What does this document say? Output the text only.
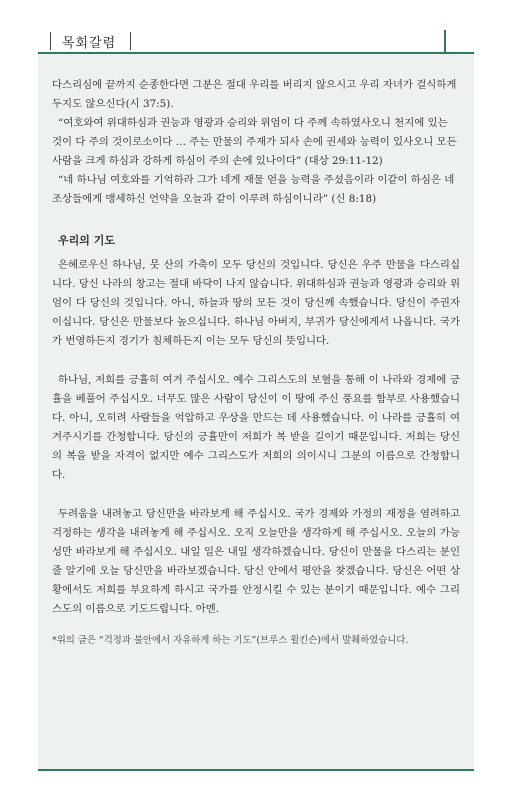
목회갈렴

다스리심에 끝까지 순종한다면 그분은 절대 우리를 버리지 않으시고 우리 자녀가 걸식하게 두지도 않으신다(시 37:5).

“여호와여 위대하심과 권능과 영광과 승리와 위엄이 다 주께 속하였사오니 천지에 있는 것이 다 주의 것이로소이다 … 주는 만물의 주재가 되사 손에 권세와 능력이 있사오니 모든 사람을 크게 하심과 강하게 하심이 주의 손에 있나이다” (대상 29:11-12)

“네 하나님 여호와를 기억하라 그가 네게 재물 얻을 능력을 주셨음이라 이같이 하심은 네 조상들에게 맹세하신 언약을 오늘과 같이 이루려 하심이니라” (신 8:18)

우리의 기도

은혜로우신 하나님, 뭇 산의 가축이 모두 당신의 것입니다. 당신은 우주 만물을 다스리십니다. 당신 나라의 창고는 절대 바닥이 나지 않습니다. 위대하심과 권능과 영광과 승리와 위엄이 다 당신의 것입니다. 아니, 하늘과 땅의 모든 것이 당신께 속했습니다. 당신이 주권자이십니다. 당신은 만물보다 높으십니다. 하나님 아버지, 부귀가 당신에게서 나옵니다. 국가가 번영하든지 경기가 침체하든지 이는 모두 당신의 뜻입니다.

하나님, 저희를 긍휼히 여겨 주십시오. 예수 그리스도의 보혈을 통해 이 나라와 경제에 긍휼을 베풀어 주십시오. 너무도 많은 사람이 당신이 이 땅에 주신 풍요를 함부로 사용했습니다. 아니, 오히려 사람들을 억압하고 우상을 만드는 데 사용했습니다. 이 나라를 긍휼히 여겨주시기를 간청합니다. 당신의 긍휼만이 저희가 복 받을 길이기 때문입니다. 저희는 당신의 복을 받을 자격이 없지만 예수 그리스도가 저희의 의이시니 그분의 이름으로 간청합니다.

두려움을 내려놓고 당신만을 바라보게 해 주십시오. 국가 경제와 가정의 재정을 염려하고 걱정하는 생각을 내려놓게 해 주십시오. 오직 오늘만을 생각하게 해 주십시오. 오늘의 가능성만 바라보게 해 주십시오. 내일 일은 내일 생각하겠습니다. 당신이 만물을 다스리는 분인 줄 알기에 오늘 당신만을 바라보겠습니다. 당신 안에서 평안을 찾겠습니다. 당신은 어떤 상황에서도 저희를 부요하게 하시고 국가를 안정시킬 수 있는 분이기 때문입니다. 예수 그리스도의 이름으로 기도드립니다. 아멘.

*위의 글은 “걱정과 불안에서 자유하게 하는 기도”(브루스 윌킨슨)에서 발췌하였습니다.
